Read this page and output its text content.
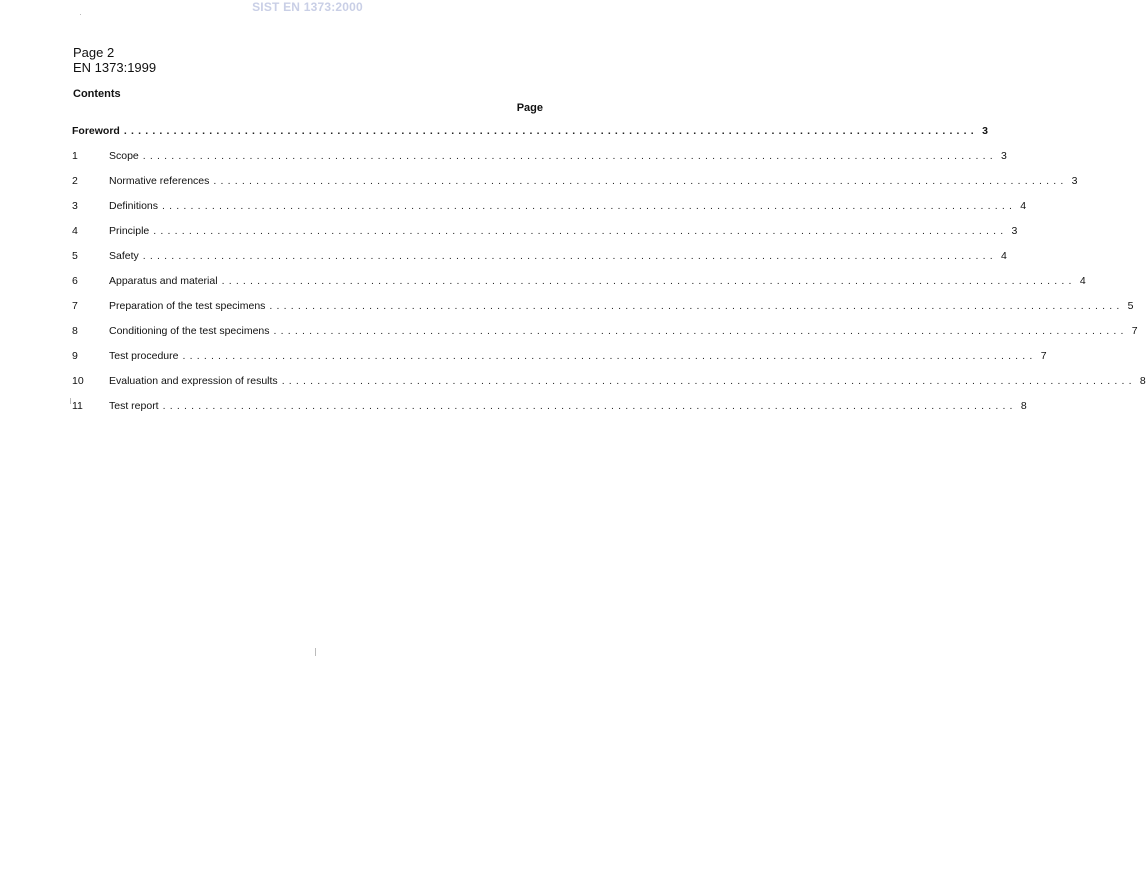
SIST EN 1373:2000
Page 2
EN 1373:1999
Contents
Page
Foreword ........................................................................................................................ 3
1	Scope ........................................................................................................................ 3
2	Normative references ........................................................................................................................ 3
3	Definitions ........................................................................................................................ 4
4	Principle ........................................................................................................................ 3
5	Safety ........................................................................................................................ 4
6	Apparatus and material ........................................................................................................................ 4
7	Preparation of the test specimens ........................................................................................................................ 5
8	Conditioning of the test specimens ........................................................................................................................ 7
9	Test procedure ........................................................................................................................ 7
10	Evaluation and expression of results ........................................................................................................................ 8
11	Test report ........................................................................................................................ 8
